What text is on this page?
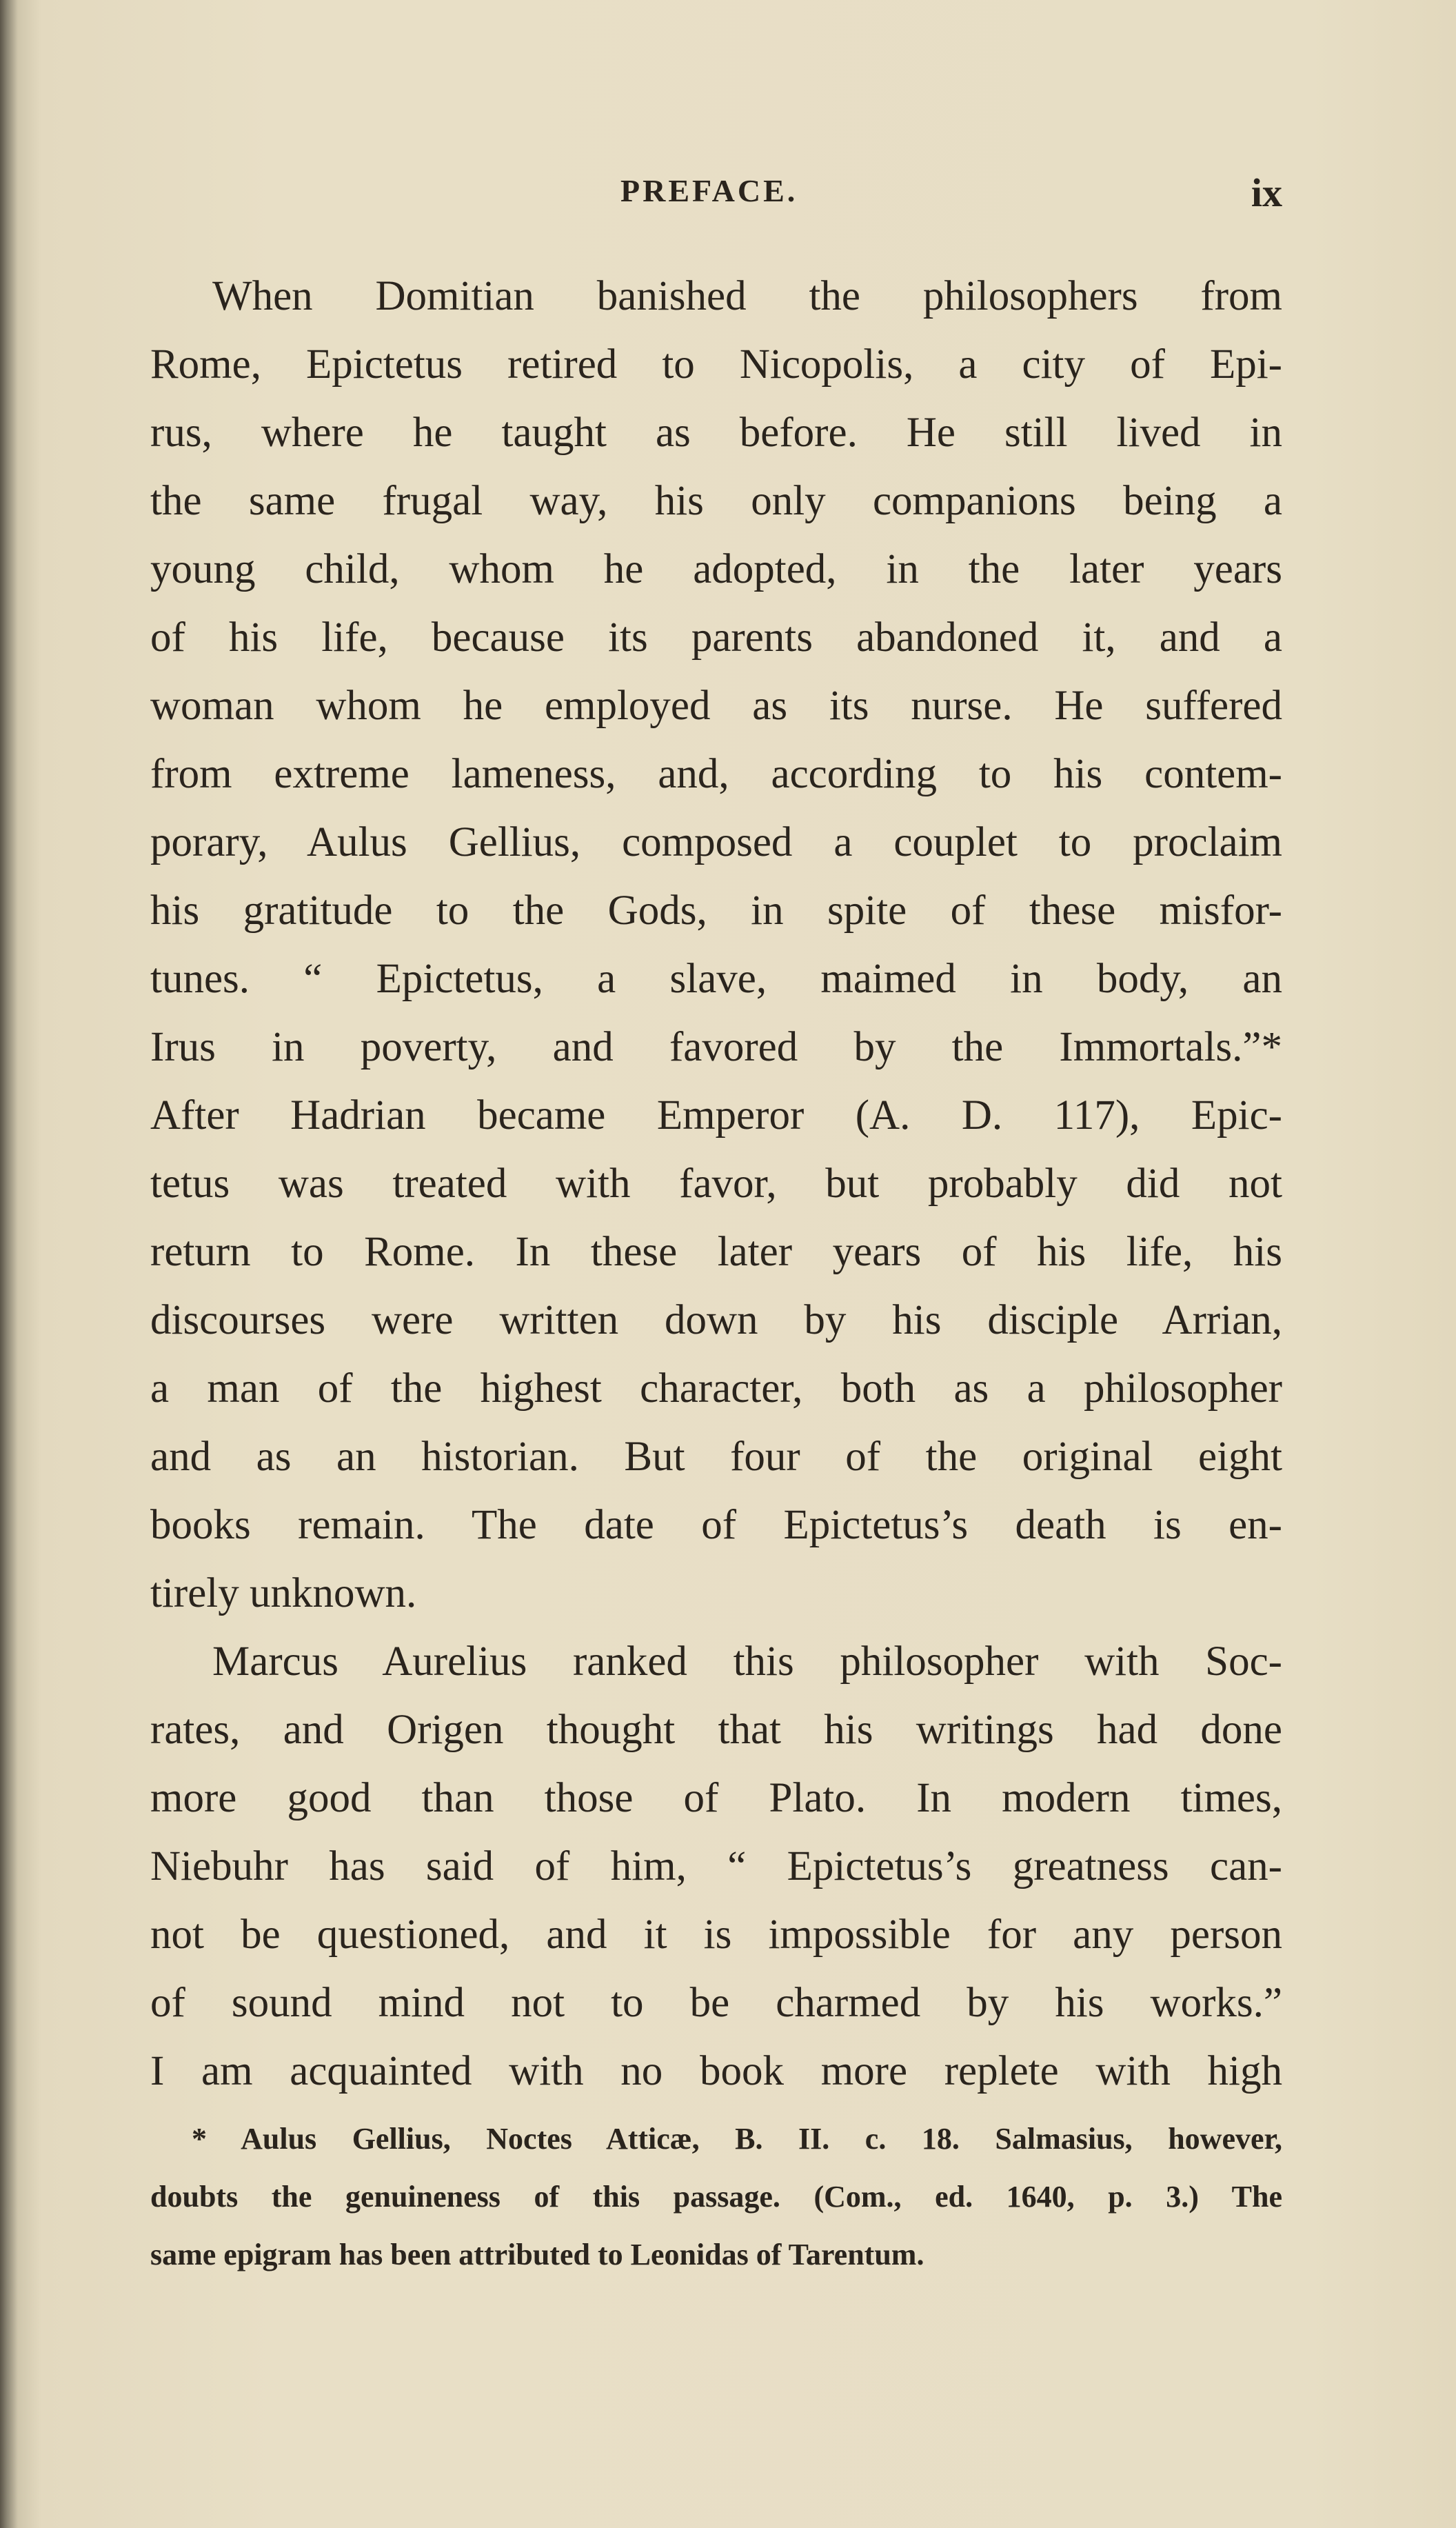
PREFACE.	ix
When Domitian banished the philosophers from
Rome, Epictetus retired to Nicopolis, a city of Epi-
rus, where he taught as before. He still lived in
the same frugal way, his only companions being a
young child, whom he adopted, in the later years
of his life, because its parents abandoned it, and a
woman whom he employed as its nurse. He suffered
from extreme lameness, and, according to his contem-
porary, Aulus Gellius, composed a couplet to proclaim
his gratitude to the Gods, in spite of these misfor-
tunes. “ Epictetus, a slave, maimed in body, an
Irus in poverty, and favored by the Immortals.”*
After Hadrian became Emperor (A. D. 117), Epic-
tetus was treated with favor, but probably did not
return to Rome. In these later years of his life, his
discourses were written down by his disciple Arrian,
a man of the highest character, both as a philosopher
and as an historian. But four of the original eight
books remain. The date of Epictetus’s death is en-
tirely unknown.
Marcus Aurelius ranked this philosopher with Soc-
rates, and Origen thought that his writings had done
more good than those of Plato. In modern times,
Niebuhr has said of him, “ Epictetus’s greatness can-
not be questioned, and it is impossible for any person
of sound mind not to be charmed by his works.”
I am acquainted with no book more replete with high
* Aulus Gellius, Noctes Atticæ, B. II. c. 18. Salmasius, however,
doubts the genuineness of this passage. (Com., ed. 1640, p. 3.) The
same epigram has been attributed to Leonidas of Tarentum.
